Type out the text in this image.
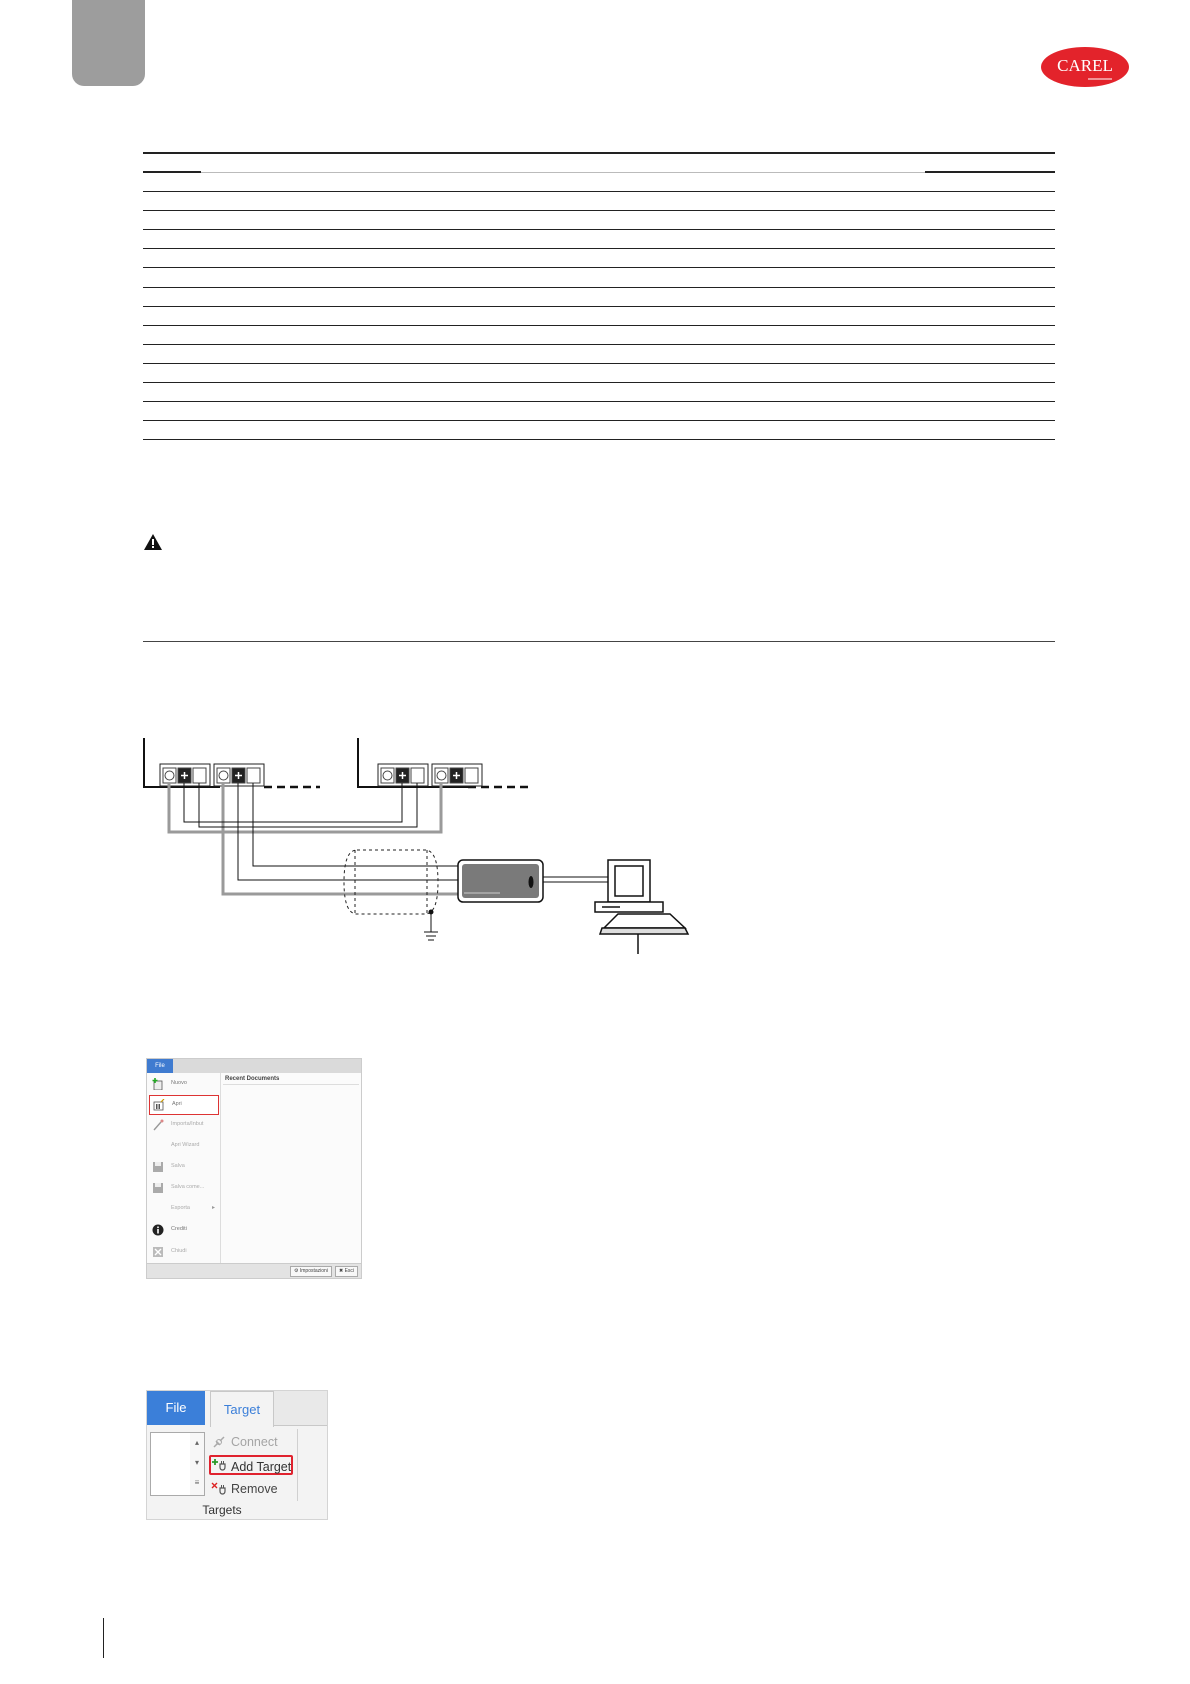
CAREL
File
Nuovo
Apri
Importa/Inbut
Apri Wizard
Salva
Salva come...
Esporta	▸
Crediti
Chiudi
Recent Documents
⚙ Impostazioni	✖ Esci
File	Target
▴
▾
≡
Connect
Add Target
Remove
Targets
